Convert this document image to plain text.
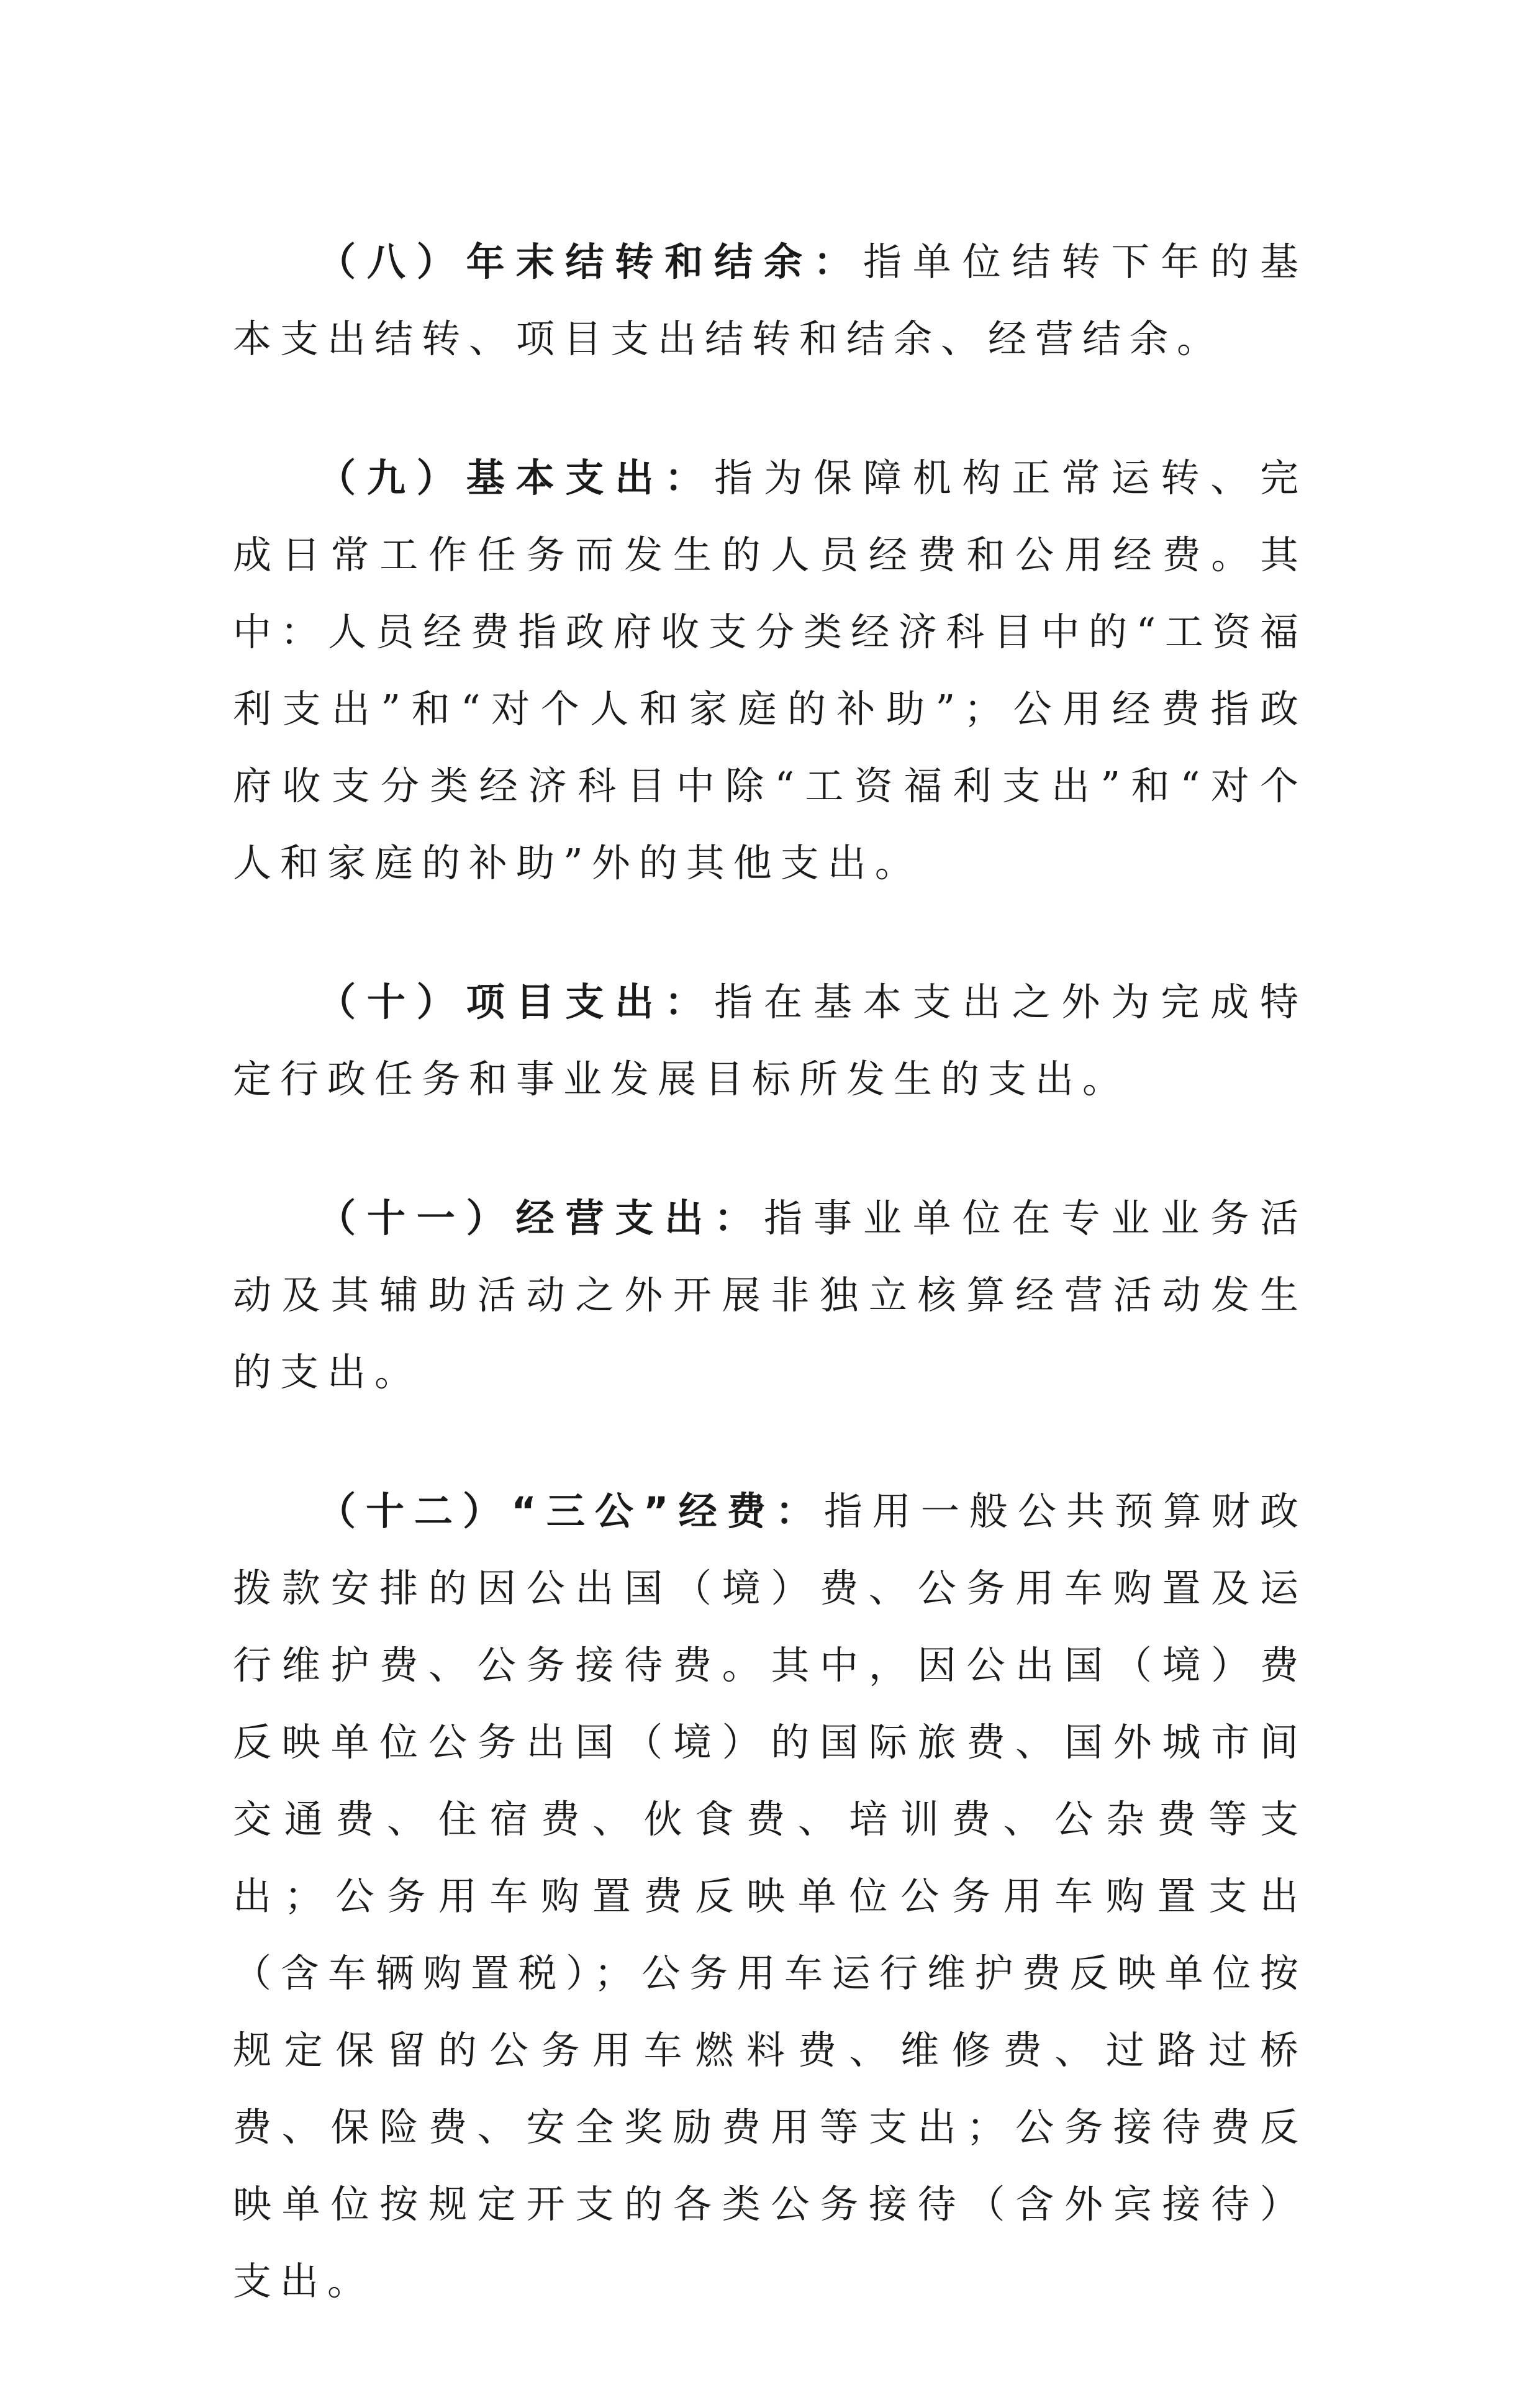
（八）年末结转和结余：指单位结转下年的基本支出结转、项目支出结转和结余、经营结余。

（九）基本支出：指为保障机构正常运转、完成日常工作任务而发生的人员经费和公用经费。其中：人员经费指政府收支分类经济科目中的“工资福利支出”和“对个人和家庭的补助”；公用经费指政府收支分类经济科目中除“工资福利支出”和“对个人和家庭的补助”外的其他支出。

（十）项目支出：指在基本支出之外为完成特定行政任务和事业发展目标所发生的支出。

（十一）经营支出：指事业单位在专业业务活动及其辅助活动之外开展非独立核算经营活动发生的支出。

（十二）“三公”经费：指用一般公共预算财政拨款安排的因公出国（境）费、公务用车购置及运行维护费、公务接待费。其中，因公出国（境）费反映单位公务出国（境）的国际旅费、国外城市间交通费、住宿费、伙食费、培训费、公杂费等支出；公务用车购置费反映单位公务用车购置支出（含车辆购置税）；公务用车运行维护费反映单位按规定保留的公务用车燃料费、维修费、过路过桥费、保险费、安全奖励费用等支出；公务接待费反映单位按规定开支的各类公务接待（含外宾接待）支出。
